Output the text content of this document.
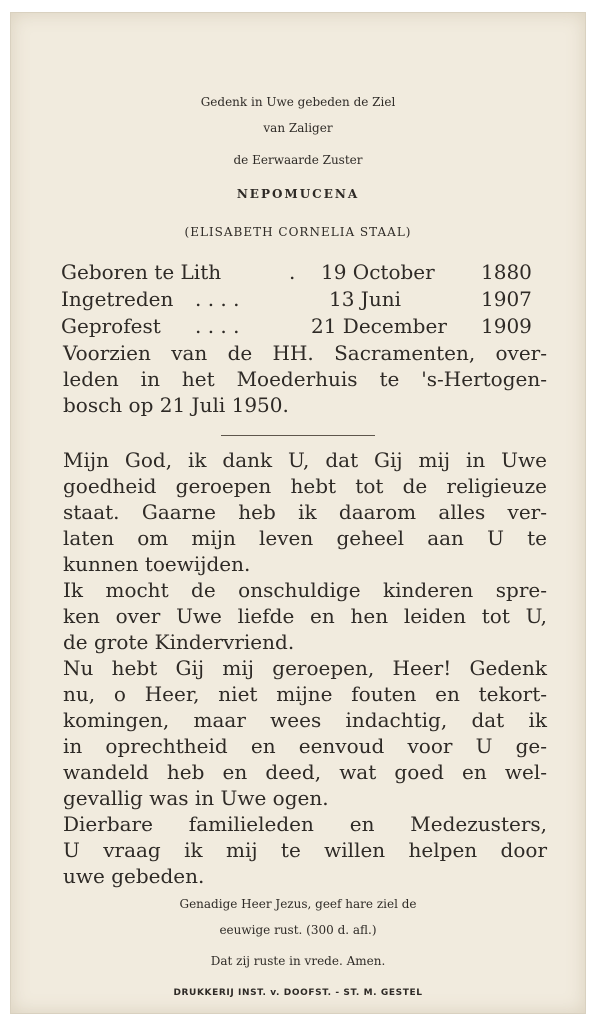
Gedenk in Uwe gebeden de Ziel
van Zaliger
de Eerwaarde Zuster
NEPOMUCENA
(ELISABETH CORNELIA STAAL)
Geboren te Lith	. 19 October 1880
Ingetreden . . . .	13 Juni	1907
Geprofest . . . .	21 December 1909
Voorzien van de HH. Sacramenten, over-
leden in het Moederhuis te 's-Hertogen-
bosch op 21 Juli 1950.
Mijn God, ik dank U, dat Gij mij in Uwe
goedheid geroepen hebt tot de religieuze
staat. Gaarne heb ik daarom alles ver-
laten om mijn leven geheel aan U te
kunnen toewijden.
Ik mocht de onschuldige kinderen spre-
ken over Uwe liefde en hen leiden tot U,
de grote Kindervriend.
Nu hebt Gij mij geroepen, Heer! Gedenk
nu, o Heer, niet mijne fouten en tekort-
komingen, maar wees indachtig, dat ik
in oprechtheid en eenvoud voor U ge-
wandeld heb en deed, wat goed en wel-
gevallig was in Uwe ogen.
Dierbare familieleden en Medezusters,
U vraag ik mij te willen helpen door
uwe gebeden.
Genadige Heer Jezus, geef hare ziel de
eeuwige rust. (300 d. afl.)
Dat zij ruste in vrede. Amen.
DRUKKERIJ INST. v. DOOFST. - ST. M. GESTEL
